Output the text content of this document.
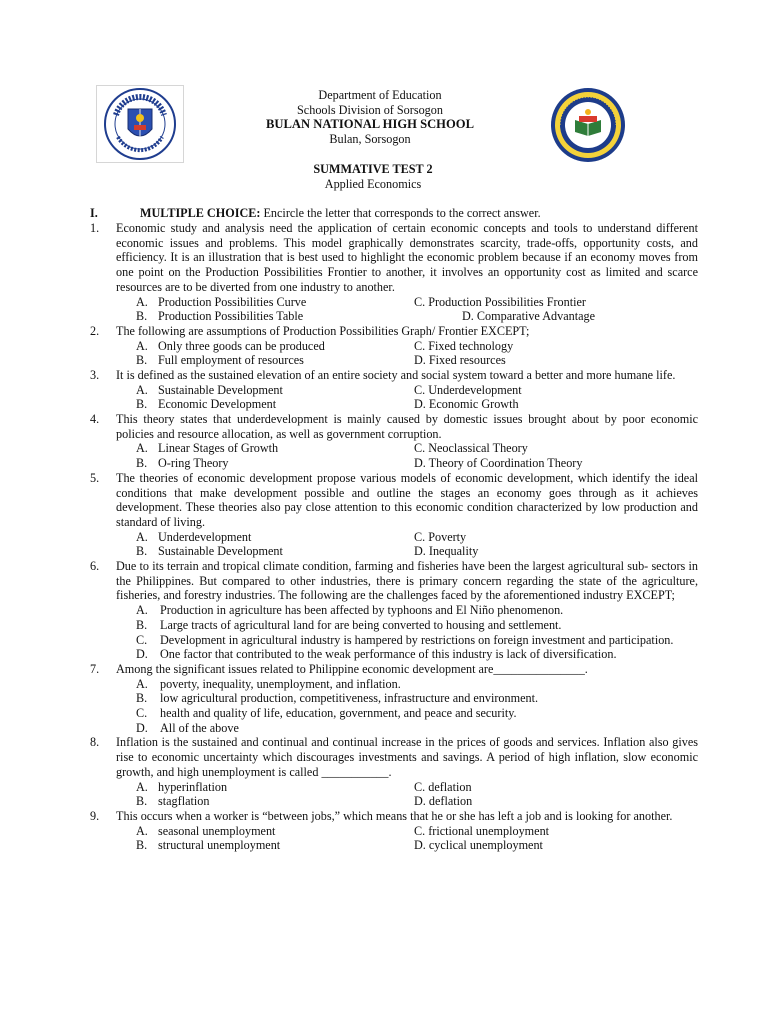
Department of Education
Schools Division of Sorsogon
BULAN NATIONAL HIGH SCHOOL
Bulan, Sorsogon
SUMMATIVE TEST 2
Applied Economics
I.	MULTIPLE CHOICE: Encircle the letter that corresponds to the correct answer.
1. Economic study and analysis need the application of certain economic concepts and tools to understand different economic issues and problems. This model graphically demonstrates scarcity, trade-offs, opportunity costs, and efficiency. It is an illustration that is best used to highlight the economic problem because if an economy moves from one point on the Production Possibilities Frontier to another, it involves an opportunity cost as limited and scarce resources are to be diverted from one industry to another.
A. Production Possibilities Curve	C. Production Possibilities Frontier
B. Production Possibilities Table	D. Comparative Advantage
2. The following are assumptions of Production Possibilities Graph/ Frontier EXCEPT;
A. Only three goods can be produced	C. Fixed technology
B. Full employment of resources	D. Fixed resources
3. It is defined as the sustained elevation of an entire society and social system toward a better and more humane life.
A. Sustainable Development	C. Underdevelopment
B. Economic Development	D. Economic Growth
4. This theory states that underdevelopment is mainly caused by domestic issues brought about by poor economic policies and resource allocation, as well as government corruption.
A. Linear Stages of Growth	C. Neoclassical Theory
B. O-ring Theory	D. Theory of Coordination Theory
5. The theories of economic development propose various models of economic development, which identify the ideal conditions that make development possible and outline the stages an economy goes through as it achieves development. These theories also pay close attention to this economic condition characterized by low production and standard of living.
A. Underdevelopment	C. Poverty
B. Sustainable Development	D. Inequality
6. Due to its terrain and tropical climate condition, farming and fisheries have been the largest agricultural sub- sectors in the Philippines. But compared to other industries, there is primary concern regarding the state of the agriculture, fisheries, and forestry industries. The following are the challenges faced by the aforementioned industry EXCEPT;
A. Production in agriculture has been affected by typhoons and El Niño phenomenon.
B. Large tracts of agricultural land for are being converted to housing and settlement.
C. Development in agricultural industry is hampered by restrictions on foreign investment and participation.
D. One factor that contributed to the weak performance of this industry is lack of diversification.
7. Among the significant issues related to Philippine economic development are_______________.
A. poverty, inequality, unemployment, and inflation.
B. low agricultural production, competitiveness, infrastructure and environment.
C. health and quality of life, education, government, and peace and security.
D. All of the above
8. Inflation is the sustained and continual and continual increase in the prices of goods and services. Inflation also gives rise to economic uncertainty which discourages investments and savings. A period of high inflation, slow economic growth, and high unemployment is called ___________.
A. hyperinflation	C. deflation
B. stagflation	D. deflation
9. This occurs when a worker is “between jobs,” which means that he or she has left a job and is looking for another.
A. seasonal unemployment	C. frictional unemployment
B. structural unemployment	D. cyclical unemployment
